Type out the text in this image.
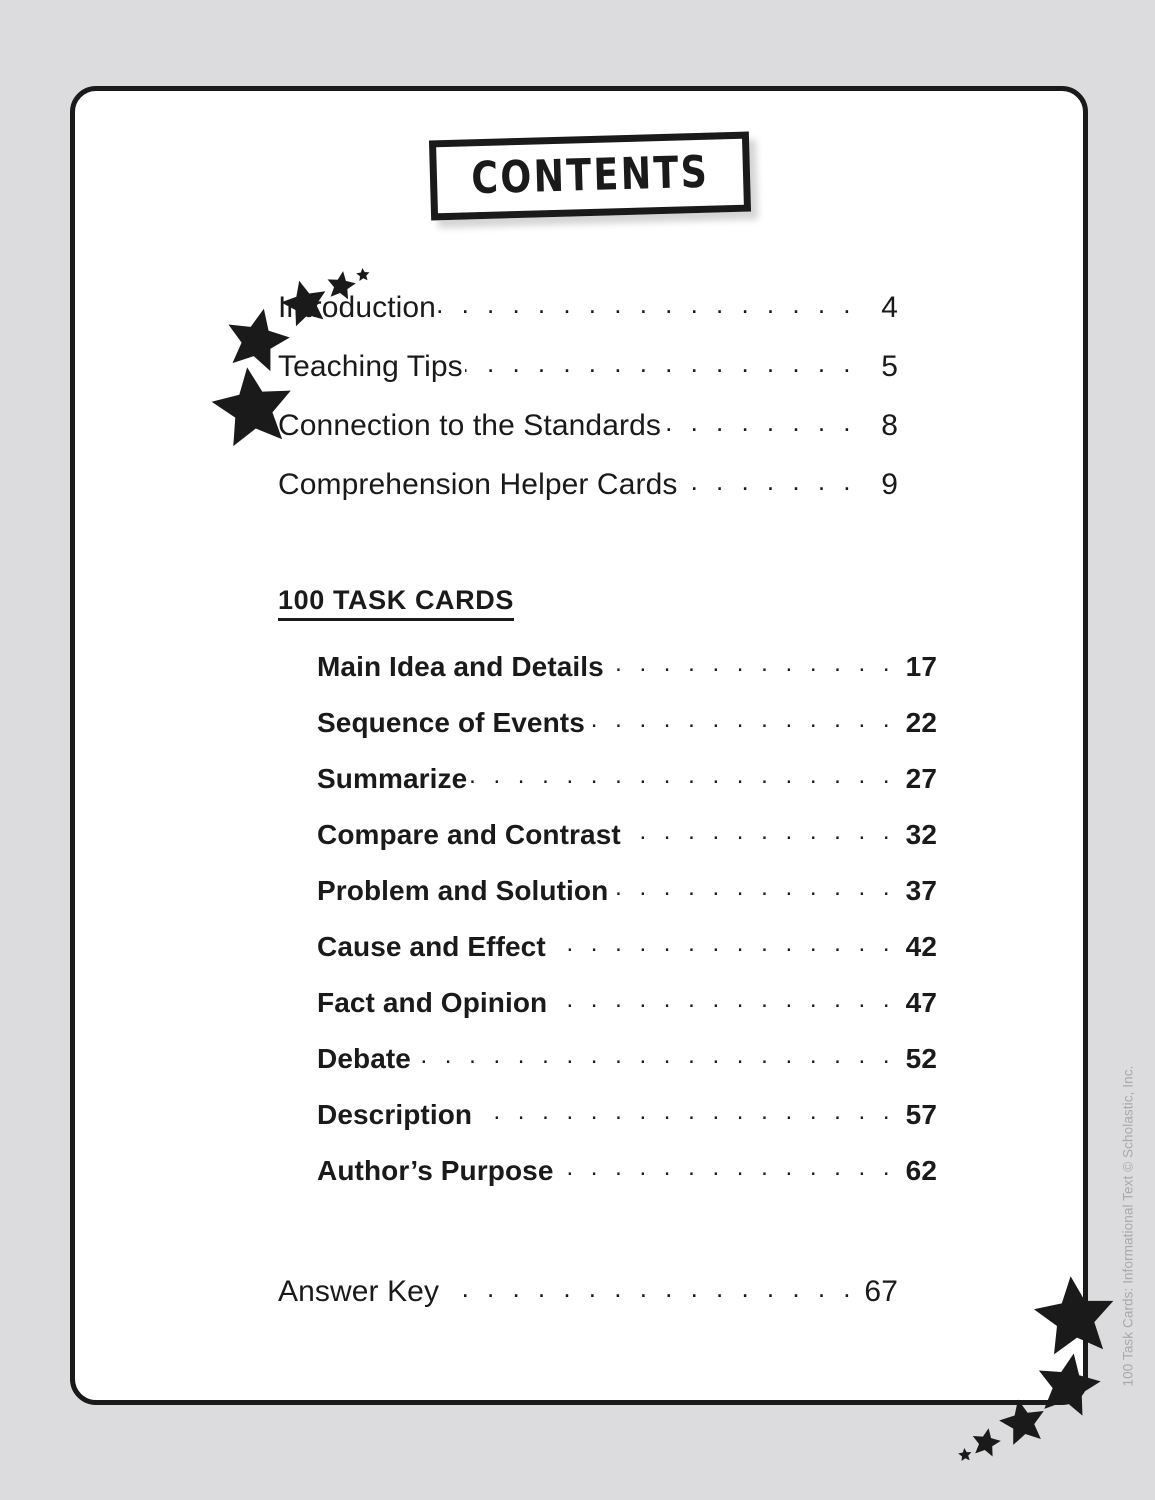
CONTENTS
Introduction . .	4
Teaching Tips . .	5
Connection to the Standards . .	8
Comprehension Helper Cards . .	9
100 TASK CARDS
Main Idea and Details . .	17
Sequence of Events . .	22
Summarize . .	27
Compare and Contrast . .	32
Problem and Solution . .	37
Cause and Effect . .	42
Fact and Opinion . .	47
Debate . .	52
Description . .	57
Author’s Purpose . .	62
Answer Key . .	67	100 Task Cards: Informational Text © Scholastic, Inc.
